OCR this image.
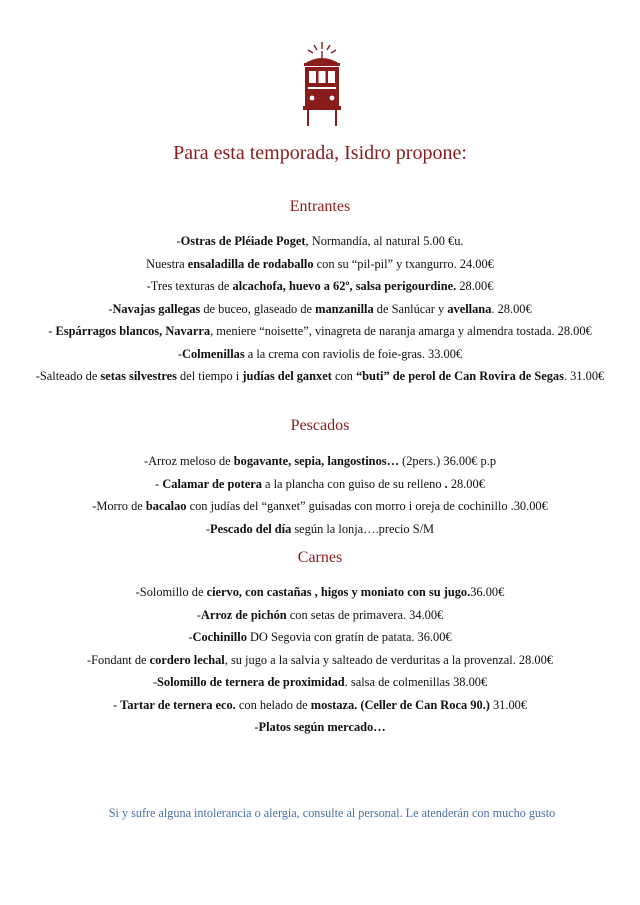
Para esta temporada, Isidro propone:
Entrantes
-Ostras de Pléiade Poget, Normandía, al natural 5.00 €u.
Nuestra ensaladilla de rodaballo con su “pil-pil” y txangurro. 24.00€
-Tres texturas de alcachofa, huevo a 62º, salsa perigourdine. 28.00€
-Navajas gallegas de buceo, glaseado de manzanilla de Sanlúcar y avellana. 28.00€
- Espárragos blancos, Navarra, meniere “noisette”, vinagreta de naranja amarga y almendra tostada. 28.00€
-Colmenillas a la crema con raviolis de foie-gras. 33.00€
-Salteado de setas silvestres del tiempo i judías del ganxet con “buti” de perol de Can Rovira de Segas. 31.00€
Pescados
-Arroz meloso de bogavante, sepia, langostinos… (2pers.) 36.00€ p.p
- Calamar de potera a la plancha con guiso de su relleno . 28.00€
-Morro de bacalao con judías del “ganxet” guisadas con morro i oreja de cochinillo .30.00€
-Pescado del día según la lonja….precio S/M
Carnes
-Solomillo de ciervo, con castañas , higos y moniato con su jugo.36.00€
-Arroz de pichón con setas de primavera. 34.00€
-Cochinillo DO Segovia con gratín de patata. 36.00€
-Fondant de cordero lechal, su jugo a la salvia y salteado de verduritas a la provenzal. 28.00€
-Solomillo de ternera de proximidad. salsa de colmenillas 38.00€
- Tartar de ternera eco. con helado de mostaza. (Celler de Can Roca 90.) 31.00€
-Platos según mercado…
Si y sufre alguna intolerancia o alergia, consulte al personal. Le atenderán con mucho gusto
